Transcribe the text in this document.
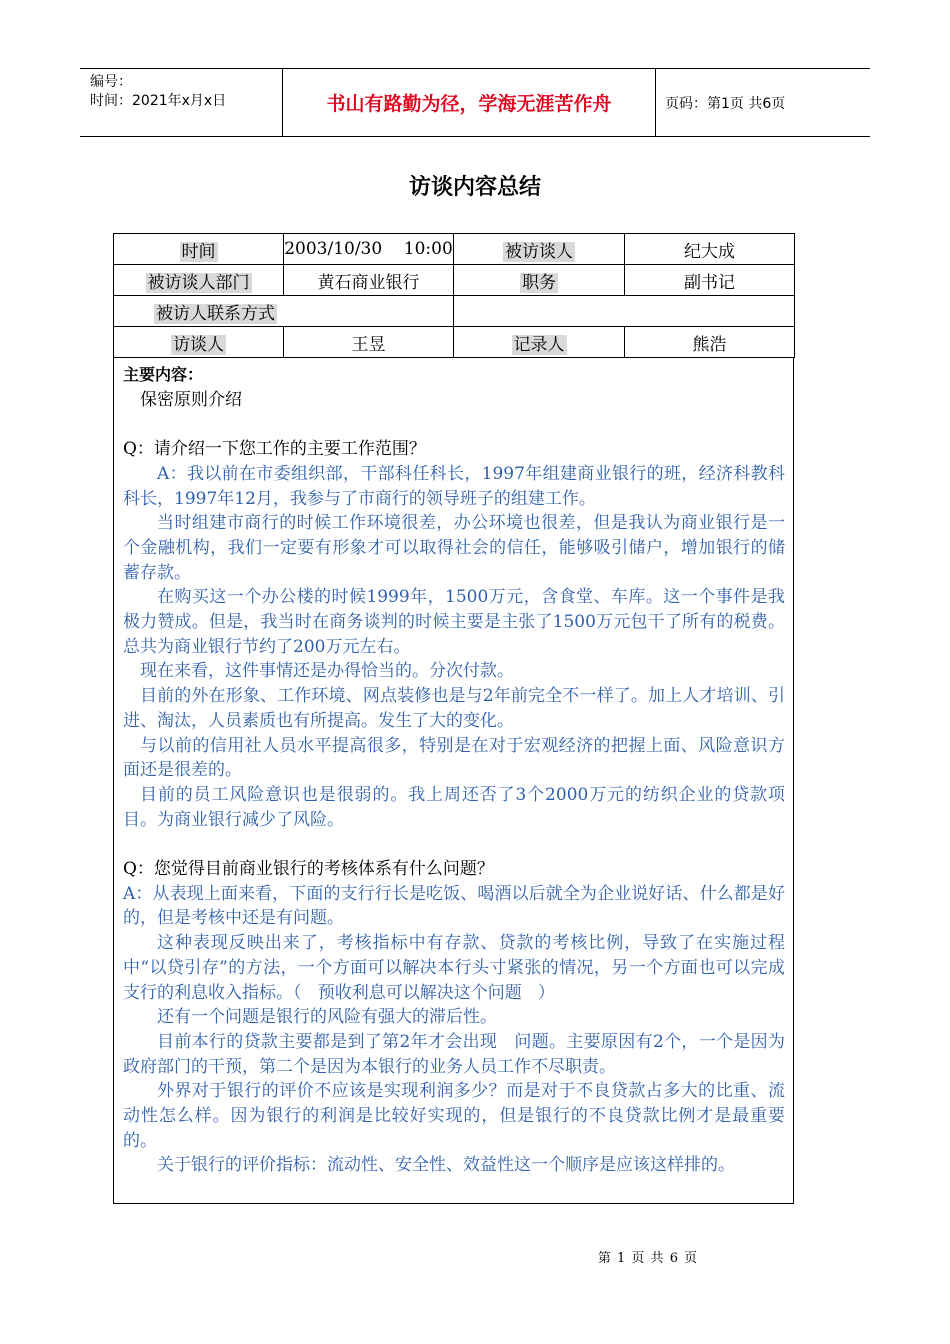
编号：
时间：2021年x月x日	书山有路勤为径，学海无涯苦作舟	页码：第1页 共6页
访谈内容总结
时间	2003/10/30    10:00	被访谈人	纪大成
被访谈人部门	黄石商业银行	职务	副书记
被访人联系方式			
访谈人	王昱	记录人	熊浩

主要内容：

保密原则介绍

Q：请介绍一下您工作的主要工作范围？

A：我以前在市委组织部，干部科任科长，1997年组建商业银行的班，经济科教科科长，1997年12月，我参与了市商行的领导班子的组建工作。

当时组建市商行的时候工作环境很差，办公环境也很差，但是我认为商业银行是一个金融机构，我们一定要有形象才可以取得社会的信任，能够吸引储户，增加银行的储蓄存款。

在购买这一个办公楼的时候1999年，1500万元，含食堂、车库。这一个事件是我极力赞成。但是，我当时在商务谈判的时候主要是主张了1500万元包干了所有的税费。总共为商业银行节约了200万元左右。

现在来看，这件事情还是办得恰当的。分次付款。

目前的外在形象、工作环境、网点装修也是与2年前完全不一样了。加上人才培训、引进、淘汰，人员素质也有所提高。发生了大的变化。

与以前的信用社人员水平提高很多，特别是在对于宏观经济的把握上面、风险意识方面还是很差的。

目前的员工风险意识也是很弱的。我上周还否了3个2000万元的纺织企业的贷款项目。为商业银行减少了风险。

Q：您觉得目前商业银行的考核体系有什么问题？

A：从表现上面来看，下面的支行行长是吃饭、喝酒以后就全为企业说好话、什么都是好的，但是考核中还是有问题。

这种表现反映出来了，考核指标中有存款、贷款的考核比例，导致了在实施过程中“以贷引存”的方法，一个方面可以解决本行头寸紧张的情况，另一个方面也可以完成支行的利息收入指标。（   预收利息可以解决这个问题   ）

还有一个问题是银行的风险有强大的滞后性。

目前本行的贷款主要都是到了第2年才会出现   问题。主要原因有2个，一个是因为政府部门的干预，第二个是因为本银行的业务人员工作不尽职责。

外界对于银行的评价不应该是实现利润多少？而是对于不良贷款占多大的比重、流动性怎么样。因为银行的利润是比较好实现的，但是银行的不良贷款比例才是最重要的。

关于银行的评价指标：流动性、安全性、效益性这一个顺序是应该这样排的。

第 1 页 共 6 页
